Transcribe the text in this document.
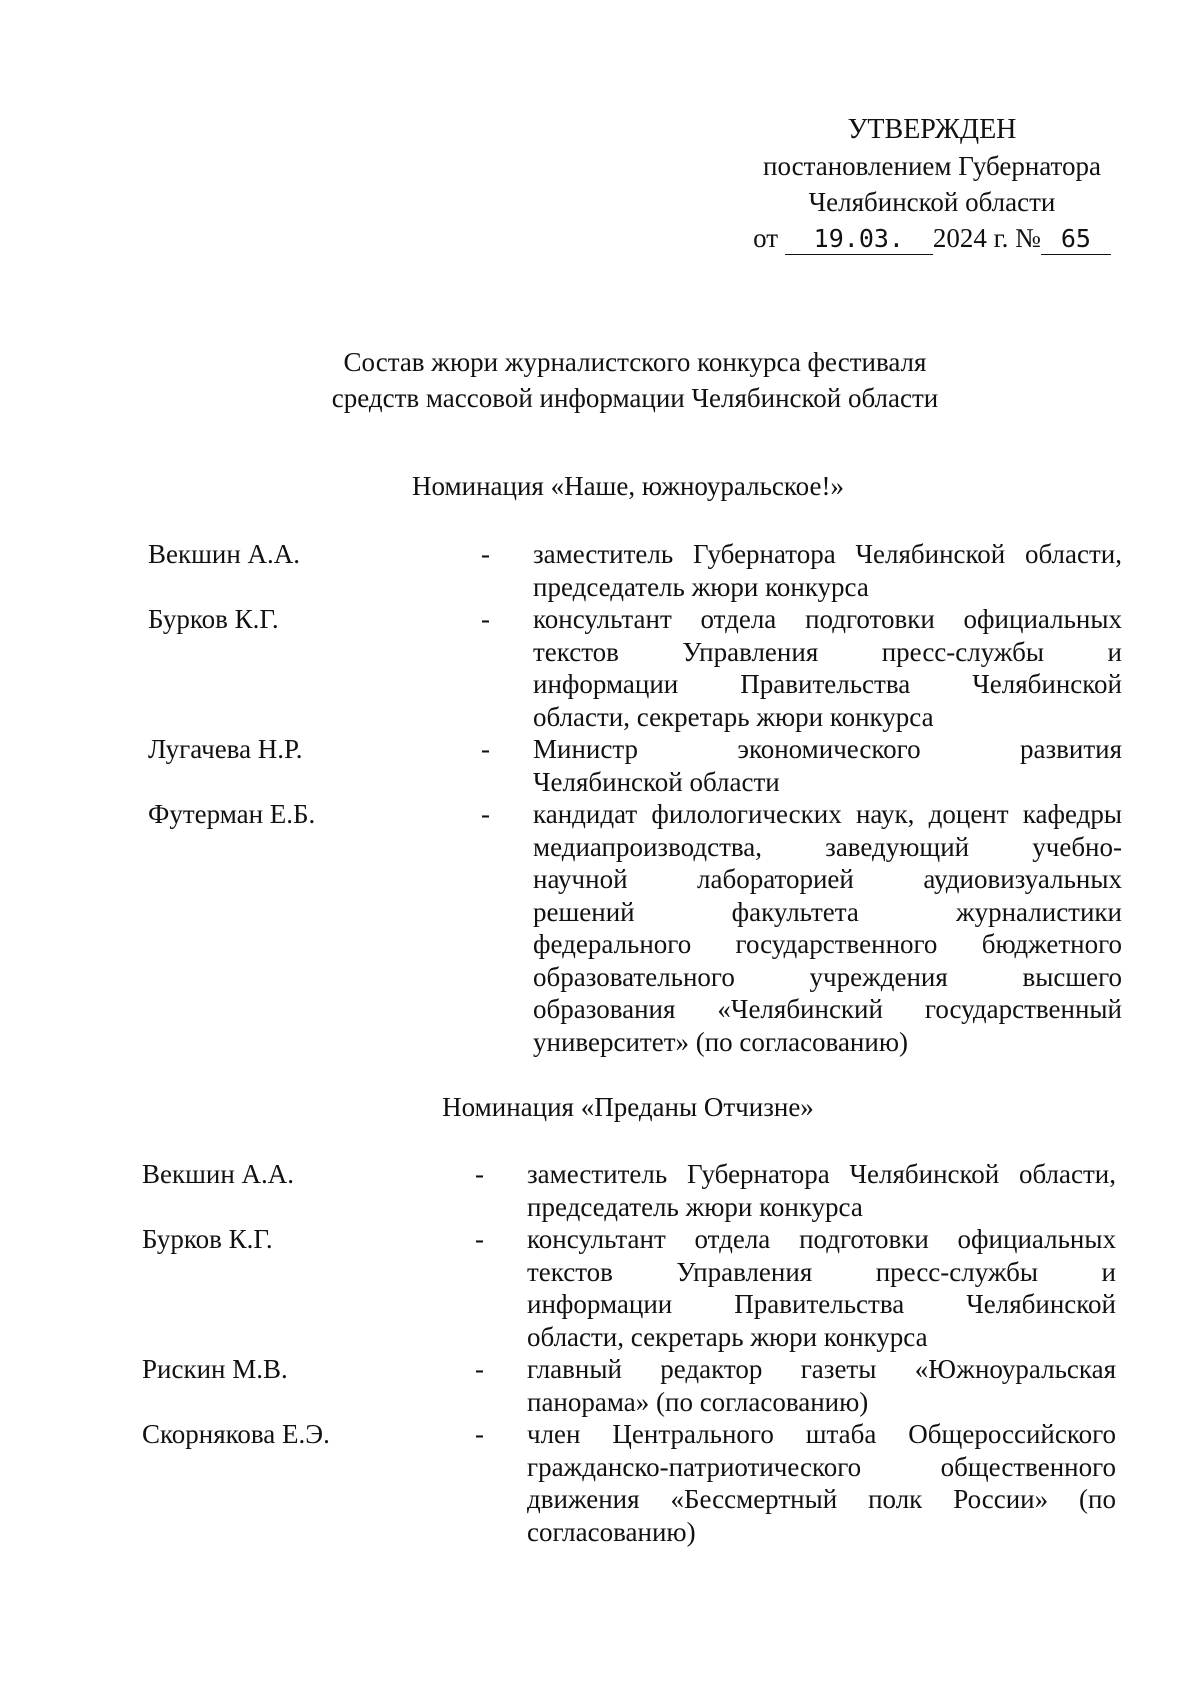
УТВЕРЖДЕН
постановлением Губернатора
Челябинской области
от 19.03. 2024 г. № 65
Состав жюри журналистского конкурса фестиваля
средств массовой информации Челябинской области
Номинация «Наше, южноуральское!»
Векшин А.А.	-	заместитель Губернатора Челябинской области,
председатель жюри конкурса
Бурков К.Г.	-	консультант отдела подготовки официальных
текстов Управления пресс-службы и
информации Правительства Челябинской
области, секретарь жюри конкурса
Лугачева Н.Р.	-	Министр экономического развития
Челябинской области
Футерман Е.Б.	-	кандидат филологических наук, доцент кафедры
медиапроизводства, заведующий учебно-
научной лабораторией аудиовизуальных
решений факультета журналистики
федерального государственного бюджетного
образовательного учреждения высшего
образования «Челябинский государственный
университет» (по согласованию)
Номинация «Преданы Отчизне»
Векшин А.А.	-	заместитель Губернатора Челябинской области,
председатель жюри конкурса
Бурков К.Г.	-	консультант отдела подготовки официальных
текстов Управления пресс-службы и
информации Правительства Челябинской
области, секретарь жюри конкурса
Рискин М.В.	-	главный редактор газеты «Южноуральская
панорама» (по согласованию)
Скорнякова Е.Э.	-	член Центрального штаба Общероссийского
гражданско-патриотического общественного
движения «Бессмертный полк России» (по
согласованию)
